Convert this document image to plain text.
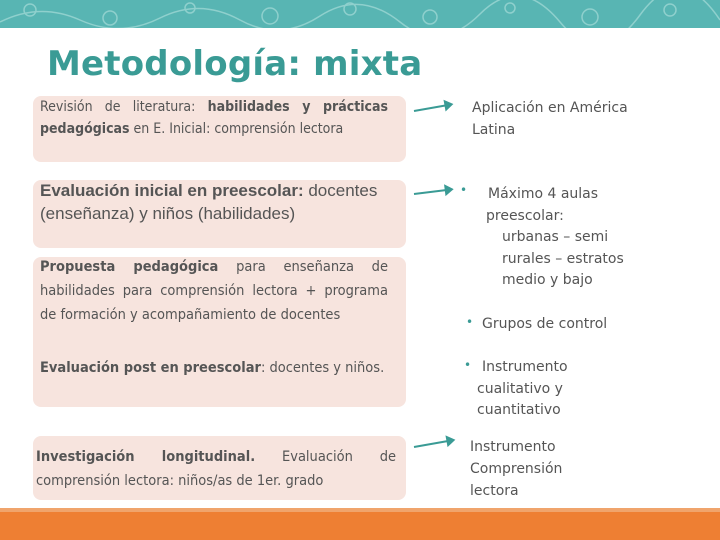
Metodología: mixta
Revisión de literatura: habilidades y prácticas pedagógicas en E. Inicial: comprensión lectora
Evaluación inicial en preescolar: docentes (enseñanza) y niños (habilidades)
Propuesta pedagógica para enseñanza de habilidades para comprensión lectora + programa de formación y acompañamiento de docentes
Evaluación post en preescolar: docentes y niños.
Investigación longitudinal. Evaluación de comprensión lectora: niños/as de 1er. grado
Aplicación en América Latina
• Máximo 4 aulas
preescolar:
urbanas – semi
rurales – estratos
medio y bajo
• Grupos de control
• Instrumento
cualitativo y
cuantitativo
Instrumento
Comprensión
lectora
